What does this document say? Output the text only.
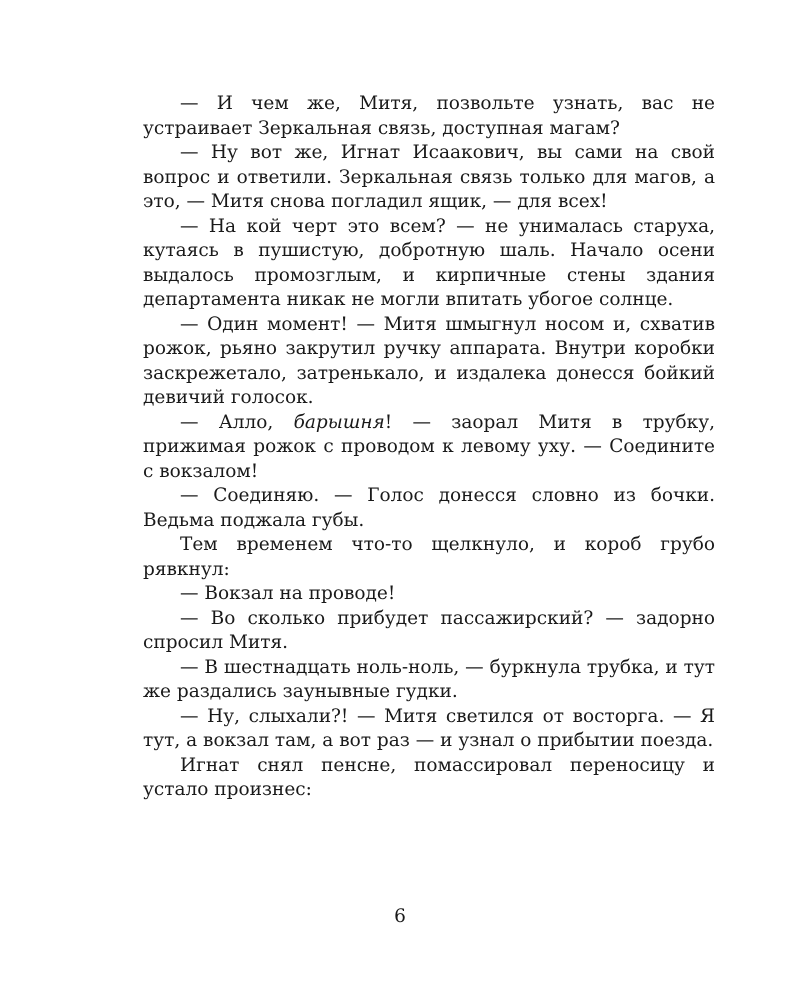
— И чем же, Митя, позвольте узнать, вас не устраивает Зеркальная связь, доступная магам?

— Ну вот же, Игнат Исаакович, вы сами на свой вопрос и ответили. Зеркальная связь только для магов, а это, — Митя снова погладил ящик, — для всех!

— На кой черт это всем? — не унималась старуха, кутаясь в пушистую, добротную шаль. Начало осени выдалось промозглым, и кирпичные стены здания департамента никак не могли впитать убогое солнце.

— Один момент! — Митя шмыгнул носом и, схватив рожок, рьяно закрутил ручку аппарата. Внутри коробки заскрежетало, затренькало, и издалека донесся бойкий девичий голосок.

— Алло, барышня! — заорал Митя в трубку, прижимая рожок с проводом к левому уху. — Соедините с вокзалом!

— Соединяю. — Голос донесся словно из бочки. Ведьма поджала губы.

Тем временем что-то щелкнуло, и короб грубо рявкнул:

— Вокзал на проводе!

— Во сколько прибудет пассажирский? — задорно спросил Митя.

— В шестнадцать ноль-ноль, — буркнула трубка, и тут же раздались заунывные гудки.

— Ну, слыхали?! — Митя светился от восторга. — Я тут, а вокзал там, а вот раз — и узнал о прибытии поезда.

Игнат снял пенсне, помассировал переносицу и устало произнес:

6
